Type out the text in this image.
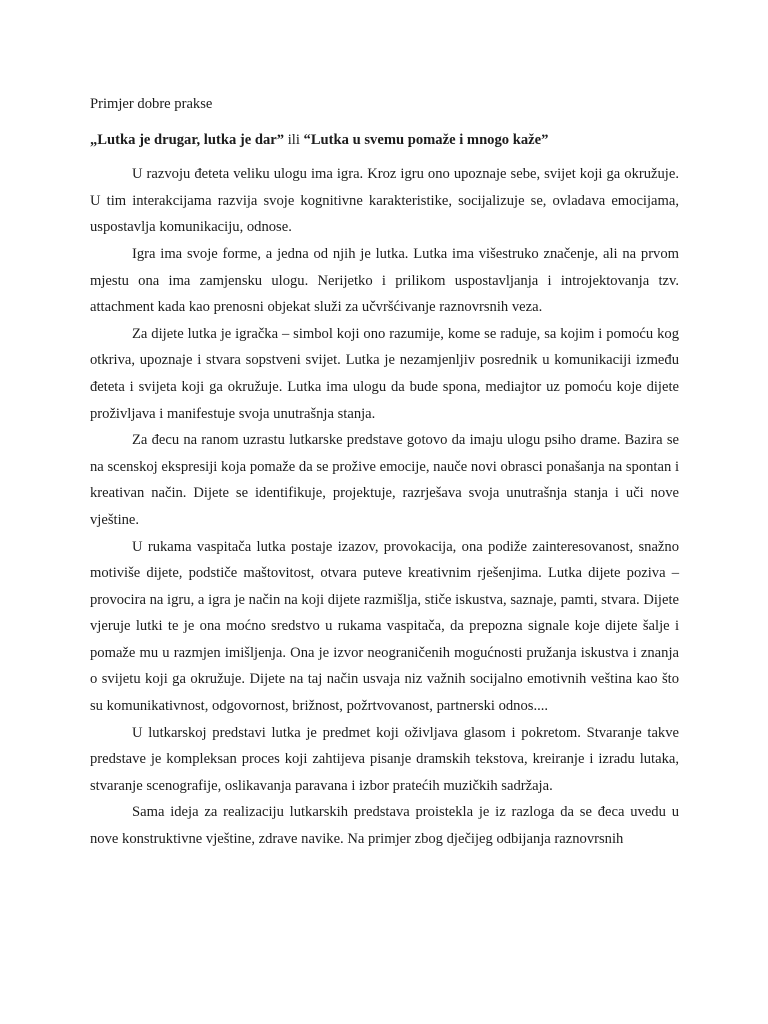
Primjer dobre prakse

„Lutka je drugar, lutka je dar” ili “Lutka u svemu pomaže i mnogo kaže”

U razvoju đeteta veliku ulogu ima igra. Kroz igru ono upoznaje sebe, svijet koji ga okružuje. U tim interakcijama razvija svoje kognitivne karakteristike, socijalizuje se, ovladava emocijama, uspostavlja komunikaciju, odnose.

Igra ima svoje forme, a jedna od njih je lutka. Lutka ima višestruko značenje, ali na prvom mjestu ona ima zamjensku ulogu. Nerijetko i prilikom uspostavljanja i introjektovanja tzv. attachment kada kao prenosni objekat služi za učvršćivanje raznovrsnih veza.

Za dijete lutka je igračka – simbol koji ono razumije, kome se raduje, sa kojim i pomoću kog otkriva, upoznaje i stvara sopstveni svijet. Lutka je nezamjenljiv posrednik u komunikaciji između đeteta i svijeta koji ga okružuje. Lutka ima ulogu da bude spona, mediajtor uz pomoću koje dijete proživljava i manifestuje svoja unutrašnja stanja.

Za đecu na ranom uzrastu lutkarske predstave gotovo da imaju ulogu psiho drame. Bazira se na scenskoj ekspresiji koja pomaže da se prožive emocije, nauče novi obrasci ponašanja na spontan i kreativan način. Dijete se identifikuje, projektuje, razrješava svoja unutrašnja stanja i uči nove vještine.

U rukama vaspitača lutka postaje izazov, provokacija, ona podiže zainteresovanost, snažno motiviše dijete, podstiče maštovitost, otvara puteve kreativnim rješenjima. Lutka dijete poziva – provocira na igru, a igra je način na koji dijete razmišlja, stiče iskustva, saznaje, pamti, stvara. Dijete vjeruje lutki te je ona moćno sredstvo u rukama vaspitača, da prepozna signale koje dijete šalje i pomaže mu u razmjen imišljenja. Ona je izvor neograničenih mogućnosti pružanja iskustva i znanja o svijetu koji ga okružuje. Dijete na taj način usvaja niz važnih socijalno emotivnih veština kao što su komunikativnost, odgovornost, brižnost, požrtvovanost, partnerski odnos....

U lutkarskoj predstavi lutka je predmet koji oživljava glasom i pokretom. Stvaranje takve predstave je kompleksan proces koji zahtijeva pisanje dramskih tekstova, kreiranje i izradu lutaka, stvaranje scenografije, oslikavanja paravana i izbor pratećih muzičkih sadržaja.

Sama ideja za realizaciju lutkarskih predstava proistekla je iz razloga da se đeca uvedu u nove konstruktivne vještine, zdrave navike. Na primjer zbog dječijeg odbijanja raznovrsnih
